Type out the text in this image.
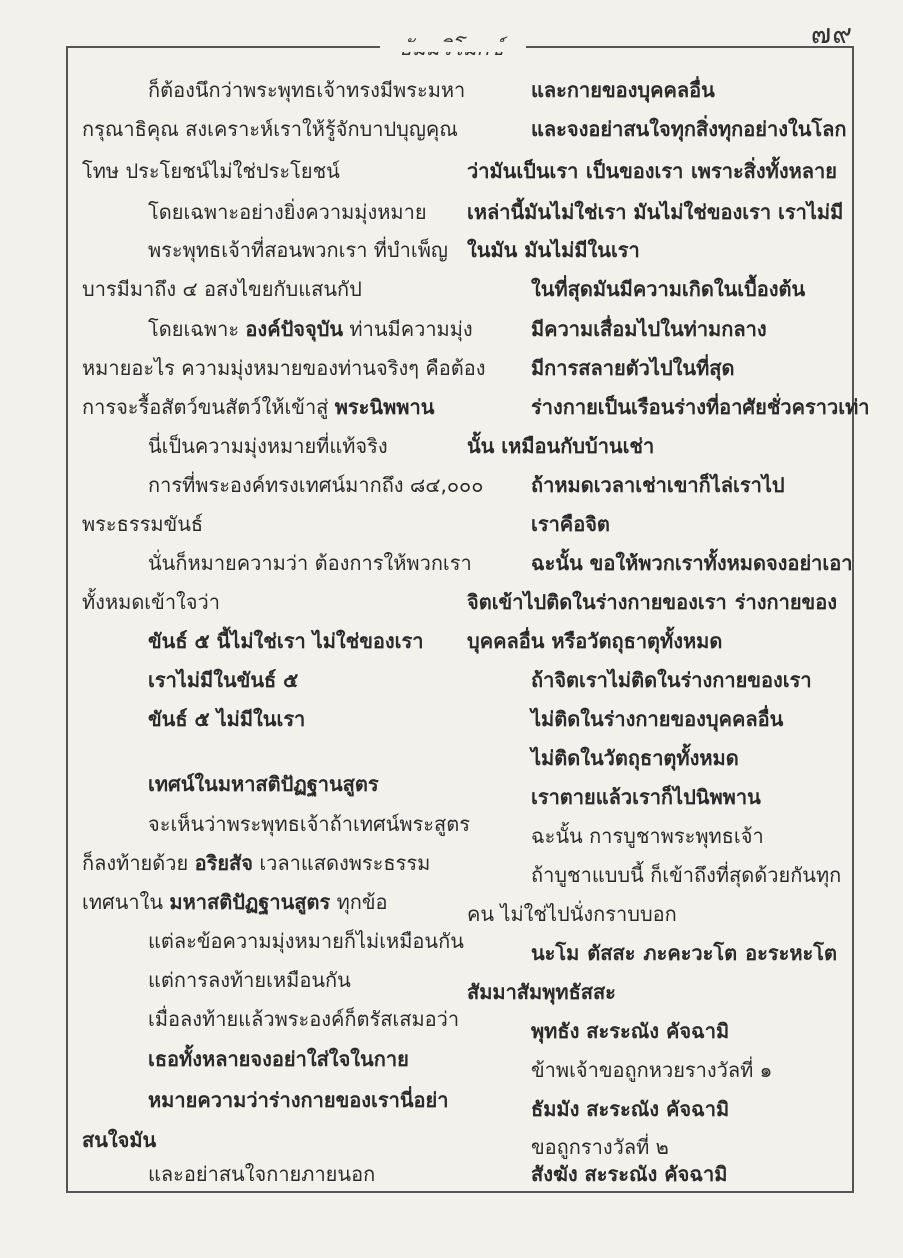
๗๙

ก็ต้องนึกว่าพระพุทธเจ้าทรงมีพระมหา
กรุณาธิคุณ สงเคราะห์เราให้รู้จักบาปบุญคุณ
โทษ ประโยชน์ไม่ใช่ประโยชน์
โดยเฉพาะอย่างยิ่งความมุ่งหมาย
พระพุทธเจ้าที่สอนพวกเรา ที่บำเพ็ญ
บารมีมาถึง ๔ อสงไขยกับแสนกัป
โดยเฉพาะ องค์ปัจจุบัน ท่านมีความมุ่ง
หมายอะไร ความมุ่งหมายของท่านจริงๆ คือต้อง
การจะรื้อสัตว์ขนสัตว์ให้เข้าสู่ พระนิพพาน
นี่เป็นความมุ่งหมายที่แท้จริง
การที่พระองค์ทรงเทศน์มากถึง ๘๔,๐๐๐
พระธรรมขันธ์
นั่นก็หมายความว่า ต้องการให้พวกเรา
ทั้งหมดเข้าใจว่า
ขันธ์ ๕ นี้ไม่ใช่เรา ไม่ใช่ของเรา
เราไม่มีในขันธ์ ๕
ขันธ์ ๕ ไม่มีในเรา
เทศน์ในมหาสติปัฏฐานสูตร
จะเห็นว่าพระพุทธเจ้าถ้าเทศน์พระสูตร
ก็ลงท้ายด้วย อริยสัจ เวลาแสดงพระธรรม
เทศนาใน มหาสติปัฏฐานสูตร ทุกข้อ
แต่ละข้อความมุ่งหมายก็ไม่เหมือนกัน
แต่การลงท้ายเหมือนกัน
เมื่อลงท้ายแล้วพระองค์ก็ตรัสเสมอว่า
เธอทั้งหลายจงอย่าใส่ใจในกาย
หมายความว่าร่างกายของเรานี่อย่า
สนใจมัน
และอย่าสนใจกายภายนอก
และกายของบุคคลอื่น
และจงอย่าสนใจทุกสิ่งทุกอย่างในโลก
ว่ามันเป็นเรา เป็นของเรา เพราะสิ่งทั้งหลาย
เหล่านี้มันไม่ใช่เรา มันไม่ใช่ของเรา เราไม่มี
ในมัน มันไม่มีในเรา
ในที่สุดมันมีความเกิดในเบื้องต้น
มีความเสื่อมไปในท่ามกลาง
มีการสลายตัวไปในที่สุด
ร่างกายเป็นเรือนร่างที่อาศัยชั่วคราวเท่า
นั้น เหมือนกับบ้านเช่า
ถ้าหมดเวลาเช่าเขาก็ไล่เราไป
เราคือจิต
ฉะนั้น ขอให้พวกเราทั้งหมดจงอย่าเอา
จิตเข้าไปติดในร่างกายของเรา ร่างกายของ
บุคคลอื่น หรือวัตถุธาตุทั้งหมด
ถ้าจิตเราไม่ติดในร่างกายของเรา
ไม่ติดในร่างกายของบุคคลอื่น
ไม่ติดในวัตถุธาตุทั้งหมด
เราตายแล้วเราก็ไปนิพพาน
ฉะนั้น การบูชาพระพุทธเจ้า
ถ้าบูชาแบบนี้ ก็เข้าถึงที่สุดด้วยกันทุก
คน ไม่ใช่ไปนั่งกราบบอก
นะโม ตัสสะ ภะคะวะโต อะระหะโต
สัมมาสัมพุทธัสสะ
พุทธัง สะระณัง คัจฉามิ
ข้าพเจ้าขอถูกหวยรางวัลที่ ๑
ธัมมัง สะระณัง คัจฉามิ
ขอถูกรางวัลที่ ๒
สังฆัง สะระณัง คัจฉามิ
